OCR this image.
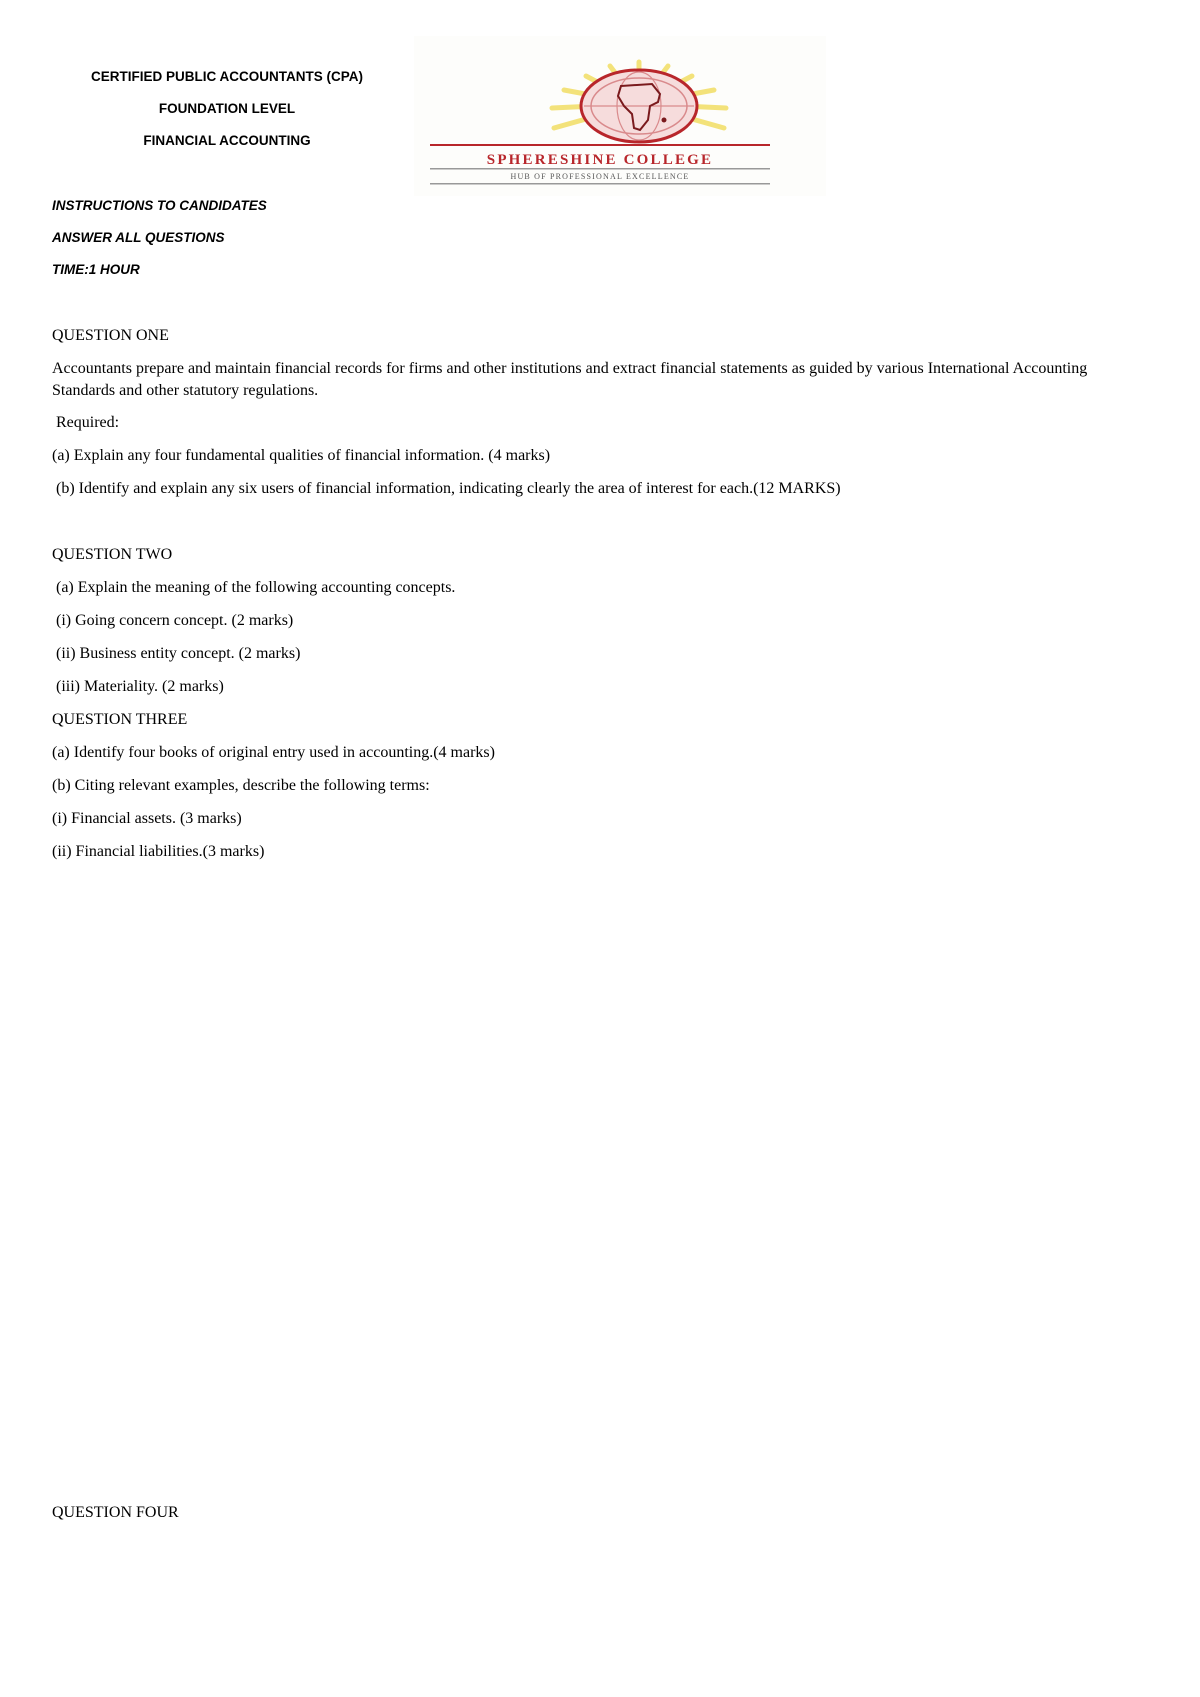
CERTIFIED PUBLIC ACCOUNTANTS (CPA)
FOUNDATION LEVEL
FINANCIAL ACCOUNTING
SPHERESHINE COLLEGE
HUB OF PROFESSIONAL EXCELLENCE
INSTRUCTIONS TO CANDIDATES
ANSWER ALL QUESTIONS
TIME:1 HOUR
QUESTION ONE
Accountants prepare and maintain financial records for firms and other institutions and extract financial statements as guided by various International Accounting Standards and other statutory regulations.
Required:
(a) Explain any four fundamental qualities of financial information. (4 marks)
(b) Identify and explain any six users of financial information, indicating clearly the area of interest for each.(12 MARKS)
QUESTION TWO
(a) Explain the meaning of the following accounting concepts.
(i) Going concern concept. (2 marks)
(ii) Business entity concept. (2 marks)
(iii) Materiality. (2 marks)
QUESTION THREE
(a) Identify four books of original entry used in accounting.(4 marks)
(b) Citing relevant examples, describe the following terms:
(i) Financial assets. (3 marks)
(ii) Financial liabilities.(3 marks)
QUESTION FOUR
